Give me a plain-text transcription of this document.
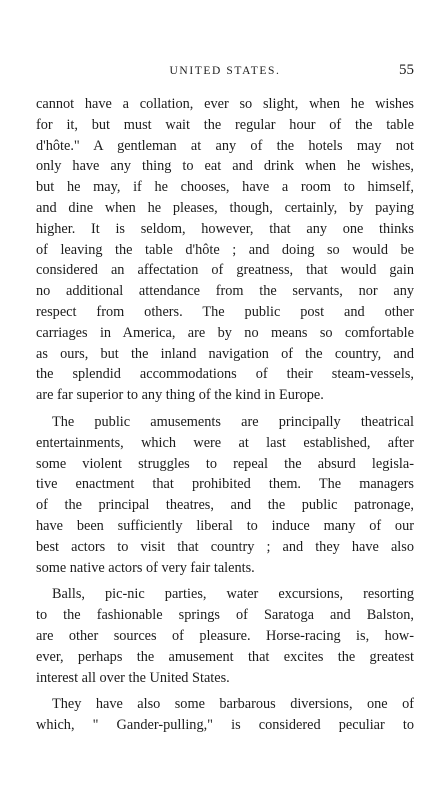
UNITED STATES.	55
cannot have a collation, ever so slight, when he wishes
for it, but must wait the regular hour of the table
d'hôte." A gentleman at any of the hotels may not
only have any thing to eat and drink when he wishes,
but he may, if he chooses, have a room to himself,
and dine when he pleases, though, certainly, by paying
higher. It is seldom, however, that any one thinks
of leaving the table d'hôte ; and doing so would be
considered an affectation of greatness, that would gain
no additional attendance from the servants, nor any
respect from others. The public post and other
carriages in America, are by no means so comfortable
as ours, but the inland navigation of the country, and
the splendid accommodations of their steam-vessels,
are far superior to any thing of the kind in Europe.
The public amusements are principally theatrical
entertainments, which were at last established, after
some violent struggles to repeal the absurd legisla-
tive enactment that prohibited them. The managers
of the principal theatres, and the public patronage,
have been sufficiently liberal to induce many of our
best actors to visit that country ; and they have also
some native actors of very fair talents.
Balls, pic-nic parties, water excursions, resorting
to the fashionable springs of Saratoga and Balston,
are other sources of pleasure. Horse-racing is, how-
ever, perhaps the amusement that excites the greatest
interest all over the United States.
They have also some barbarous diversions, one of
which, " Gander-pulling," is considered peculiar to
